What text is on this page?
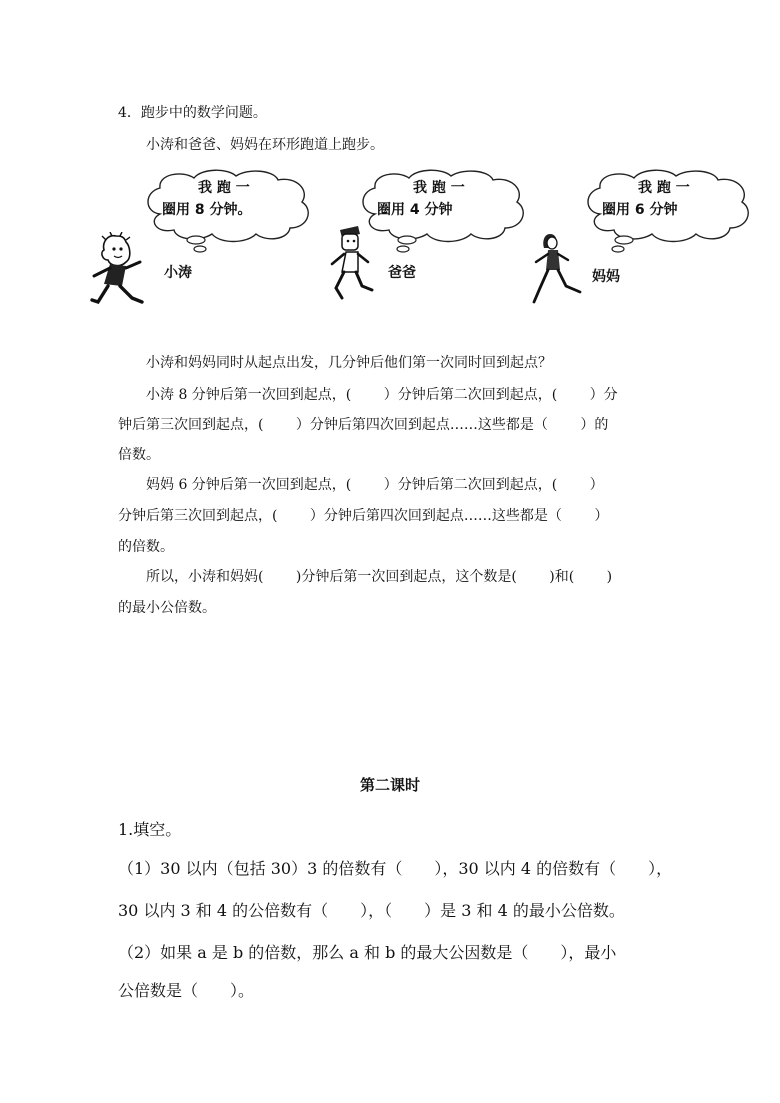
4．跑步中的数学问题。
小涛和爸爸、妈妈在环形跑道上跑步。
我 跑 一
圈用 8 分钟。
小涛
我 跑 一
圈用 4 分钟
爸爸
我 跑 一
圈用 6 分钟
妈妈
小涛和妈妈同时从起点出发，几分钟后他们第一次同时回到起点？
小涛 8 分钟后第一次回到起点，(　　 ）分钟后第二次回到起点，(　　 ）分
钟后第三次回到起点，(　　 ）分钟后第四次回到起点……这些都是（　　 ）的
倍数。
妈妈 6 分钟后第一次回到起点，(　　 ）分钟后第二次回到起点，(　　 ）
分钟后第三次回到起点，(　　 ）分钟后第四次回到起点……这些都是（　　 ）
的倍数。
所以，小涛和妈妈(　　 )分钟后第一次回到起点，这个数是(　　 )和(　　 )
的最小公倍数。
第二课时
1.填空。
（1）30 以内（包括 30）3 的倍数有（　　），30 以内 4 的倍数有（　　），
30 以内 3 和 4 的公倍数有（　　），（　　）是 3 和 4 的最小公倍数。
（2）如果 a 是 b 的倍数，那么 a 和 b 的最大公因数是（　　），最小
公倍数是（　　）。
